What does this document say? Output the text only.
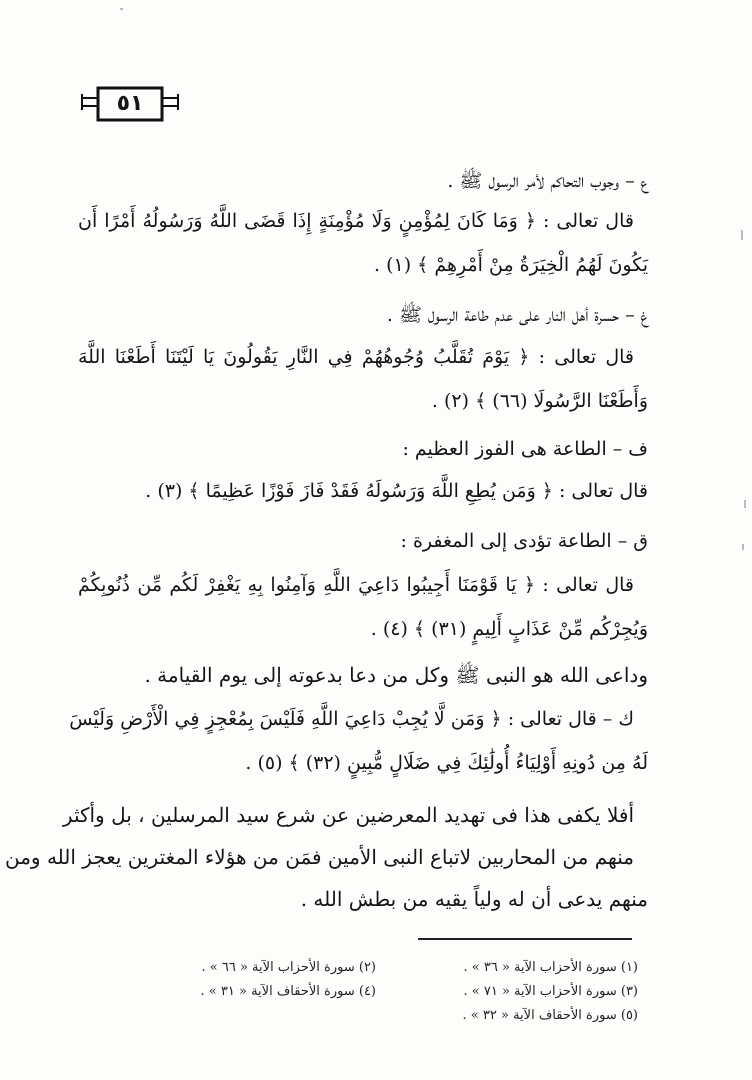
٥١
ع – وجوب التحاكم لأمر الرسول ﷺ .
قال تعالى : ﴿ وَمَا كَانَ لِمُؤْمِنٍ وَلَا مُؤْمِنَةٍ إِذَا قَضَى اللَّهُ وَرَسُولُهُ أَمْرًا أَن
يَكُونَ لَهُمُ الْخِيَرَةُ مِنْ أَمْرِهِمْ ﴾ (١) .
غ – حسرة أهل النار على عدم طاعة الرسول ﷺ .
قال تعالى : ﴿ يَوْمَ تُقَلَّبُ وُجُوهُهُمْ فِي النَّارِ يَقُولُونَ يَا لَيْتَنَا أَطَعْنَا اللَّهَ
وَأَطَعْنَا الرَّسُولَا (٦٦) ﴾ (٢) .
ف – الطاعة هى الفوز العظيم :
قال تعالى : ﴿ وَمَن يُطِعِ اللَّهَ وَرَسُولَهُ فَقَدْ فَازَ فَوْزًا عَظِيمًا ﴾ (٣) .
ق – الطاعة تؤدى إلى المغفرة :
قال تعالى : ﴿ يَا قَوْمَنَا أَجِيبُوا دَاعِيَ اللَّهِ وَآمِنُوا بِهِ يَغْفِرْ لَكُم مِّن ذُنُوبِكُمْ
وَيُجِرْكُم مِّنْ عَذَابٍ أَلِيمٍ (٣١) ﴾ (٤) .
وداعى الله هو النبى ﷺ وكل من دعا بدعوته إلى يوم القيامة .
ك – قال تعالى : ﴿ وَمَن لَّا يُجِبْ دَاعِيَ اللَّهِ فَلَيْسَ بِمُعْجِزٍ فِي الْأَرْضِ وَلَيْسَ
لَهُ مِن دُونِهِ أَوْلِيَاءُ أُولَٰئِكَ فِي ضَلَالٍ مُّبِينٍ (٣٢) ﴾ (٥) .
أفلا يكفى هذا فى تهديد المعرضين عن شرع سيد المرسلين ، بل وأكثر
منهم من المحاربين لاتباع النبى الأمين فمَن من هؤلاء المغترين يعجز الله ومن
منهم يدعى أن له ولياً يقيه من بطش الله .
(١) سورة الأحزاب الآية « ٣٦ » .
(٢) سورة الأحزاب الآية « ٦٦ » .
(٣) سورة الأحزاب الآية « ٧١ » .
(٤) سورة الأحقاف الآية « ٣١ » .
(٥) سورة الأحقاف الآية « ٣٢ » .
